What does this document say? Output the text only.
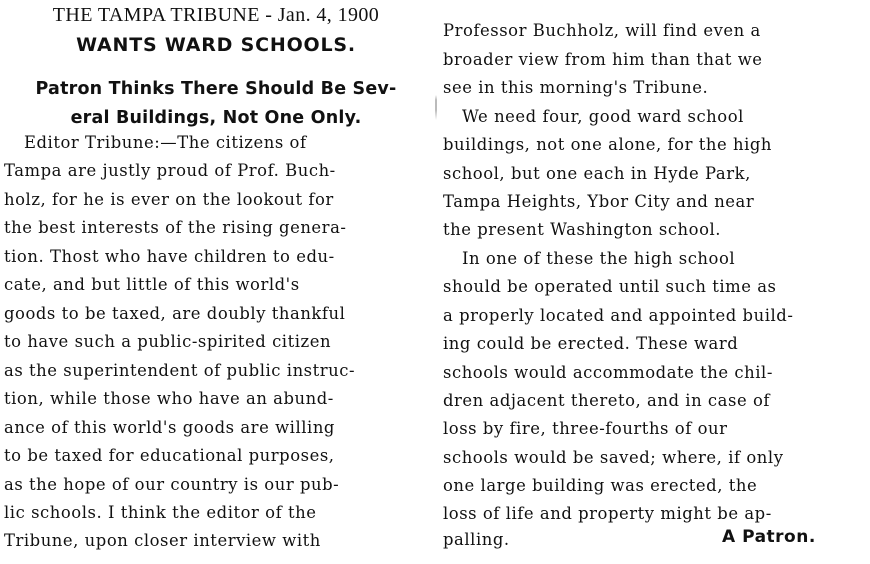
THE TAMPA TRIBUNE - Jan. 4, 1900
WANTS WARD SCHOOLS.
Patron Thinks There Should Be Sev-
eral Buildings, Not One Only.
Editor Tribune:—The citizens of
Tampa are justly proud of Prof. Buch-
holz, for he is ever on the lookout for
the best interests of the rising genera-
tion. Thost who have children to edu-
cate, and but little of this world's
goods to be taxed, are doubly thankful
to have such a public-spirited citizen
as the superintendent of public instruc-
tion, while those who have an abund-
ance of this world's goods are willing
to be taxed for educational purposes,
as the hope of our country is our pub-
lic schools. I think the editor of the
Tribune, upon closer interview with
Professor Buchholz, will find even a
broader view from him than that we
see in this morning's Tribune.
We need four, good ward school
buildings, not one alone, for the high
school, but one each in Hyde Park,
Tampa Heights, Ybor City and near
the present Washington school.
In one of these the high school
should be operated until such time as
a properly located and appointed build-
ing could be erected. These ward
schools would accommodate the chil-
dren adjacent thereto, and in case of
loss by fire, three-fourths of our
schools would be saved; where, if only
one large building was erected, the
loss of life and property might be ap-
palling.	A Patron.
